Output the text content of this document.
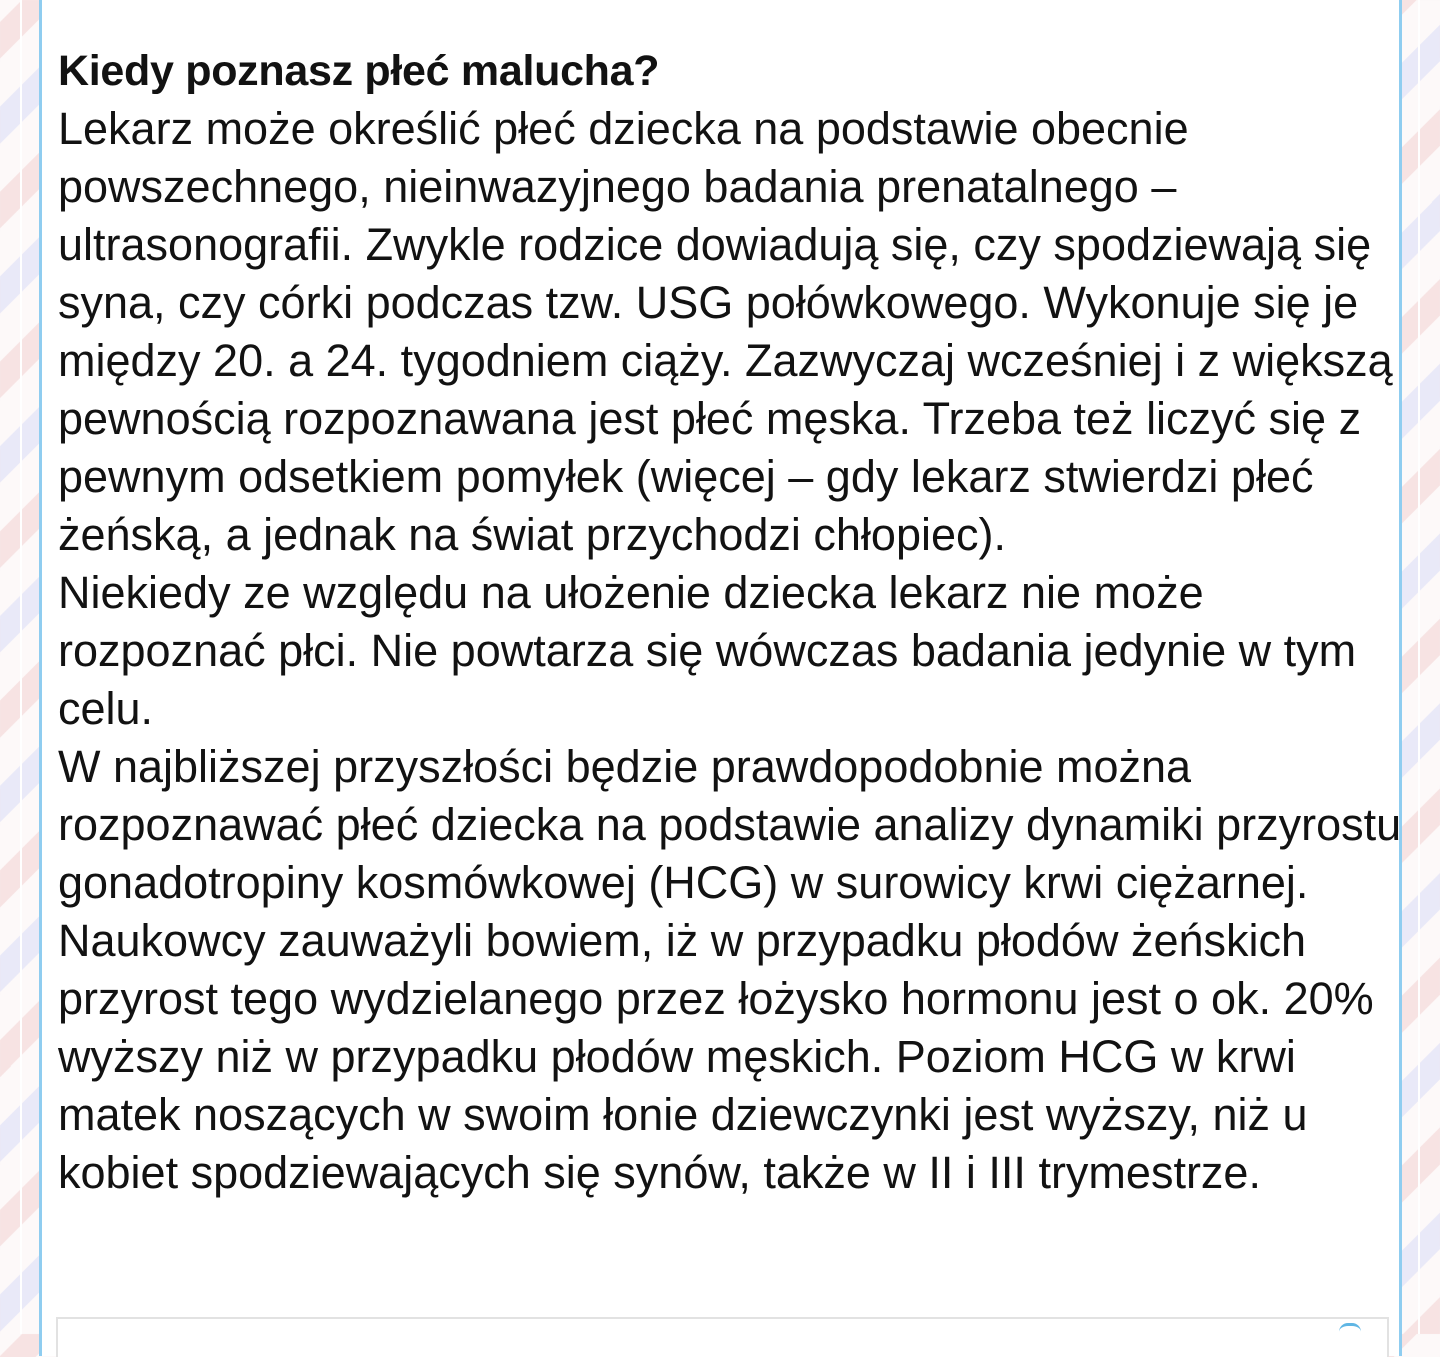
Kiedy poznasz płeć malucha?

Lekarz może określić płeć dziecka na podstawie obecnie powszechnego, nieinwazyjnego badania prenatalnego – ultrasonografii. Zwykle rodzice dowiadują się, czy spodziewają się syna, czy córki podczas tzw. USG połówkowego. Wykonuje się je między 20. a 24. tygodniem ciąży. Zazwyczaj wcześniej i z większą pewnością rozpoznawana jest płeć męska. Trzeba też liczyć się z pewnym odsetkiem pomyłek (więcej – gdy lekarz stwierdzi płeć żeńską, a jednak na świat przychodzi chłopiec).

Niekiedy ze względu na ułożenie dziecka lekarz nie może rozpoznać płci. Nie powtarza się wówczas badania jedynie w tym celu.

W najbliższej przyszłości będzie prawdopodobnie można rozpoznawać płeć dziecka na podstawie analizy dynamiki przyrostu gonadotropiny kosmówkowej (HCG) w surowicy krwi ciężarnej. Naukowcy zauważyli bowiem, iż w przypadku płodów żeńskich przyrost tego wydzielanego przez łożysko hormonu jest o ok. 20% wyższy niż w przypadku płodów męskich. Poziom HCG w krwi matek noszących w swoim łonie dziewczynki jest wyższy, niż u kobiet spodziewających się synów, także w II i III trymestrze.
